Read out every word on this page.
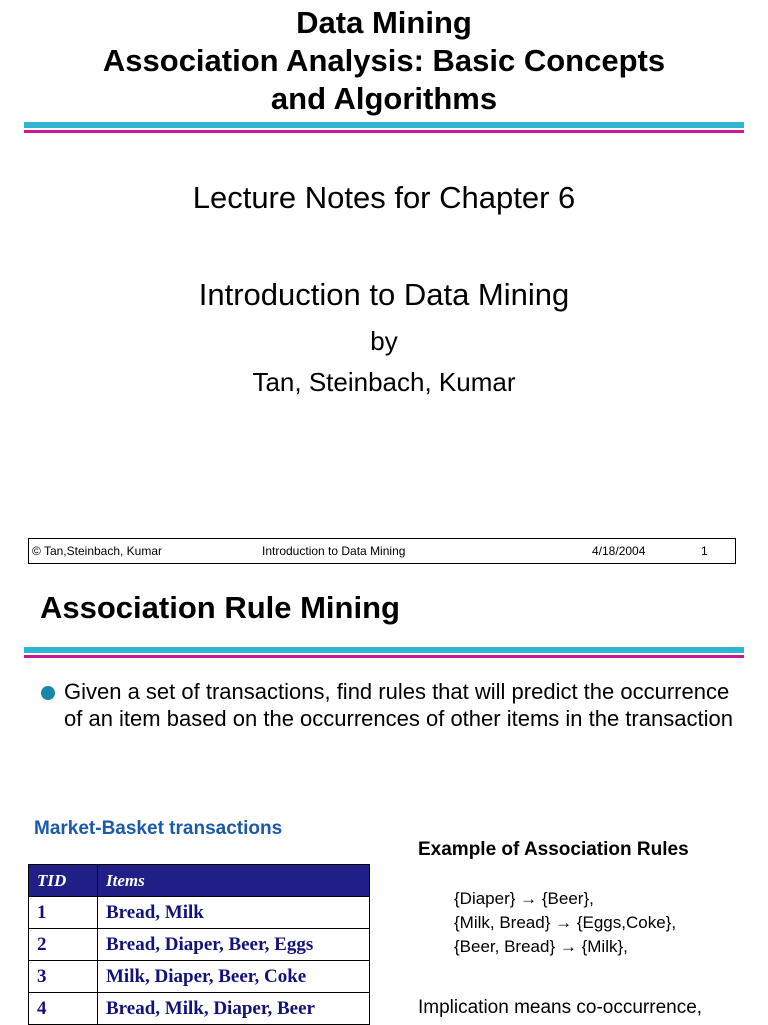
Data Mining
Association Analysis: Basic Concepts
and Algorithms
Lecture Notes for Chapter 6
Introduction to Data Mining
by
Tan, Steinbach, Kumar
© Tan,Steinbach, Kumar	Introduction to Data Mining	4/18/2004	1
Association Rule Mining
Given a set of transactions, find rules that will predict the occurrence of an item based on the occurrences of other items in the transaction
Market-Basket transactions
TID	Items
1	Bread, Milk
2	Bread, Diaper, Beer, Eggs
3	Milk, Diaper, Beer, Coke
4	Bread, Milk, Diaper, Beer
Example of Association Rules
{Diaper} → {Beer},
{Milk, Bread} → {Eggs,Coke},
{Beer, Bread} → {Milk},
Implication means co-occurrence,
